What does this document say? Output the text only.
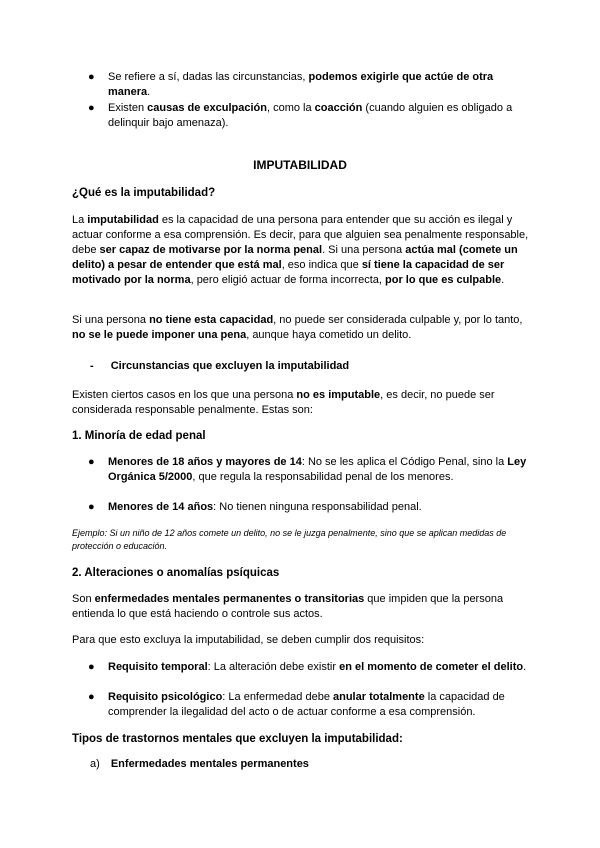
●	Se refiere a sí, dadas las circunstancias, podemos exigirle que actúe de otra manera.
●	Existen causas de exculpación, como la coacción (cuando alguien es obligado a delinquir bajo amenaza).
IMPUTABILIDAD
¿Qué es la imputabilidad?
La imputabilidad es la capacidad de una persona para entender que su acción es ilegal y actuar conforme a esa comprensión. Es decir, para que alguien sea penalmente responsable, debe ser capaz de motivarse por la norma penal. Si una persona actúa mal (comete un delito) a pesar de entender que está mal, eso indica que sí tiene la capacidad de ser motivado por la norma, pero eligió actuar de forma incorrecta, por lo que es culpable.
Si una persona no tiene esta capacidad, no puede ser considerada culpable y, por lo tanto, no se le puede imponer una pena, aunque haya cometido un delito.
- Circunstancias que excluyen la imputabilidad
Existen ciertos casos en los que una persona no es imputable, es decir, no puede ser considerada responsable penalmente. Estas son:
1. Minoría de edad penal
●	Menores de 18 años y mayores de 14: No se les aplica el Código Penal, sino la Ley Orgánica 5/2000, que regula la responsabilidad penal de los menores.
●	Menores de 14 años: No tienen ninguna responsabilidad penal.
Ejemplo: Si un niño de 12 años comete un delito, no se le juzga penalmente, sino que se aplican medidas de protección o educación.
2. Alteraciones o anomalías psíquicas
Son enfermedades mentales permanentes o transitorias que impiden que la persona entienda lo que está haciendo o controle sus actos.
Para que esto excluya la imputabilidad, se deben cumplir dos requisitos:
●	Requisito temporal: La alteración debe existir en el momento de cometer el delito.
●	Requisito psicológico: La enfermedad debe anular totalmente la capacidad de comprender la ilegalidad del acto o de actuar conforme a esa comprensión.
Tipos de trastornos mentales que excluyen la imputabilidad:
a) Enfermedades mentales permanentes
